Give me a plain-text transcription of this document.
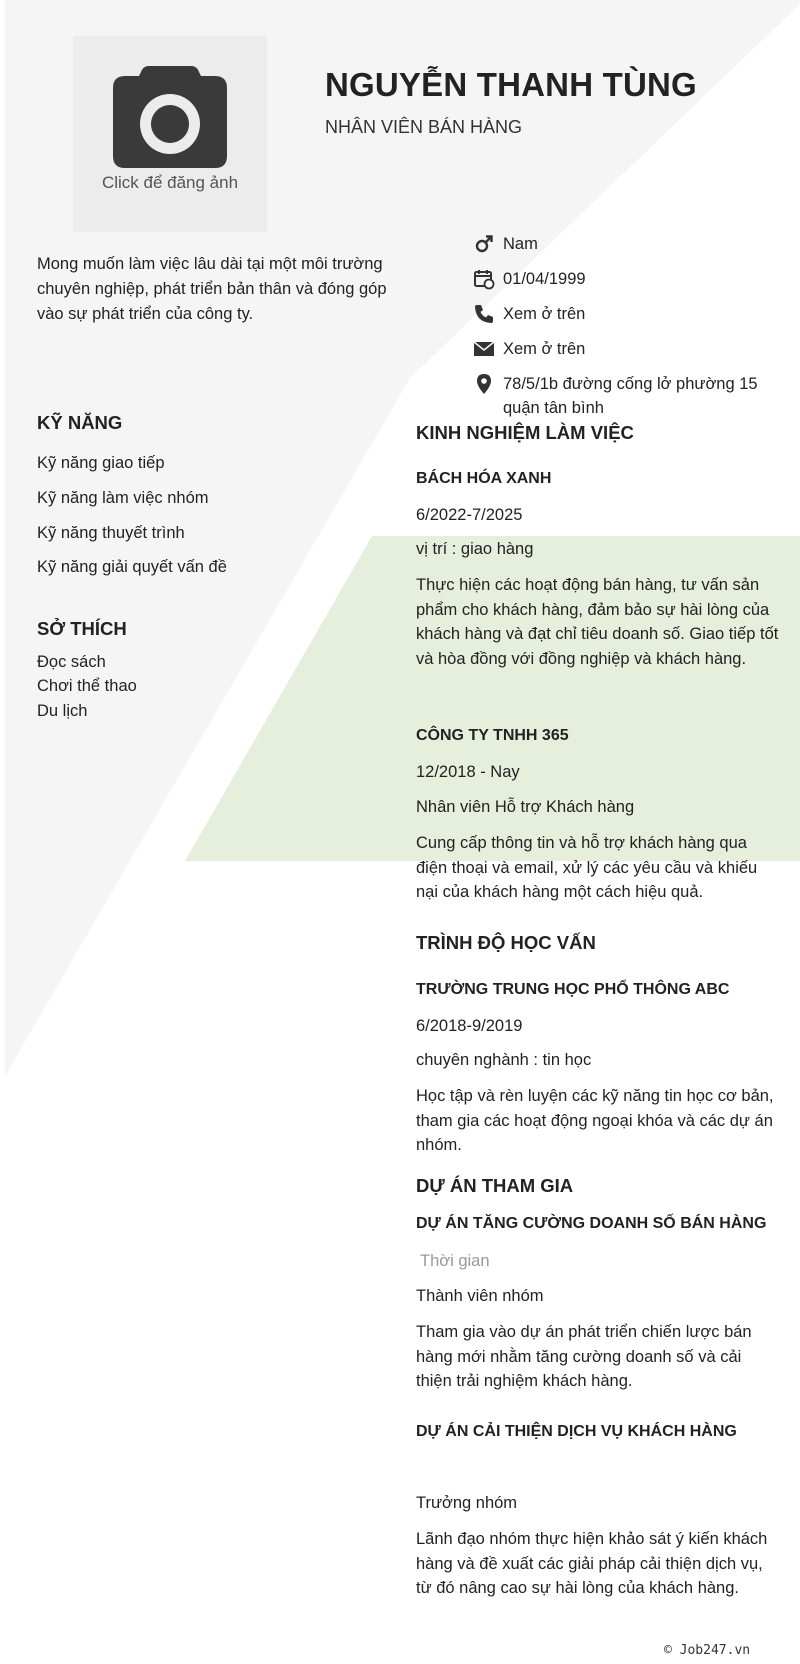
Click để đăng ảnh
NGUYỄN THANH TÙNG
NHÂN VIÊN BÁN HÀNG
Mong muốn làm việc lâu dài tại một môi trường chuyên nghiệp, phát triển bản thân và đóng góp vào sự phát triển của công ty.
Nam
01/04/1999
Xem ở trên
Xem ở trên
78/5/1b đường cống lở phường 15 quận tân bình
KỸ NĂNG
Kỹ năng giao tiếp
Kỹ năng làm việc nhóm
Kỹ năng thuyết trình
Kỹ năng giải quyết vấn đề
SỞ THÍCH
Đọc sách
Chơi thể thao
Du lịch
KINH NGHIỆM LÀM VIỆC
BÁCH HÓA XANH
6/2022-7/2025
vị trí : giao hàng
Thực hiện các hoạt động bán hàng, tư vấn sản phẩm cho khách hàng, đảm bảo sự hài lòng của khách hàng và đạt chỉ tiêu doanh số. Giao tiếp tốt và hòa đồng với đồng nghiệp và khách hàng.
CÔNG TY TNHH 365
12/2018 - Nay
Nhân viên Hỗ trợ Khách hàng
Cung cấp thông tin và hỗ trợ khách hàng qua điện thoại và email, xử lý các yêu cầu và khiếu nại của khách hàng một cách hiệu quả.
TRÌNH ĐỘ HỌC VẤN
TRƯỜNG TRUNG HỌC PHỔ THÔNG ABC
6/2018-9/2019
chuyên nghành : tin học
Học tập và rèn luyện các kỹ năng tin học cơ bản, tham gia các hoạt động ngoại khóa và các dự án nhóm.
DỰ ÁN THAM GIA
DỰ ÁN TĂNG CƯỜNG DOANH SỐ BÁN HÀNG
Thời gian
Thành viên nhóm
Tham gia vào dự án phát triển chiến lược bán hàng mới nhằm tăng cường doanh số và cải thiện trải nghiệm khách hàng.
DỰ ÁN CẢI THIỆN DỊCH VỤ KHÁCH HÀNG
Trưởng nhóm
Lãnh đạo nhóm thực hiện khảo sát ý kiến khách hàng và đề xuất các giải pháp cải thiện dịch vụ, từ đó nâng cao sự hài lòng của khách hàng.
© Job247.vn
